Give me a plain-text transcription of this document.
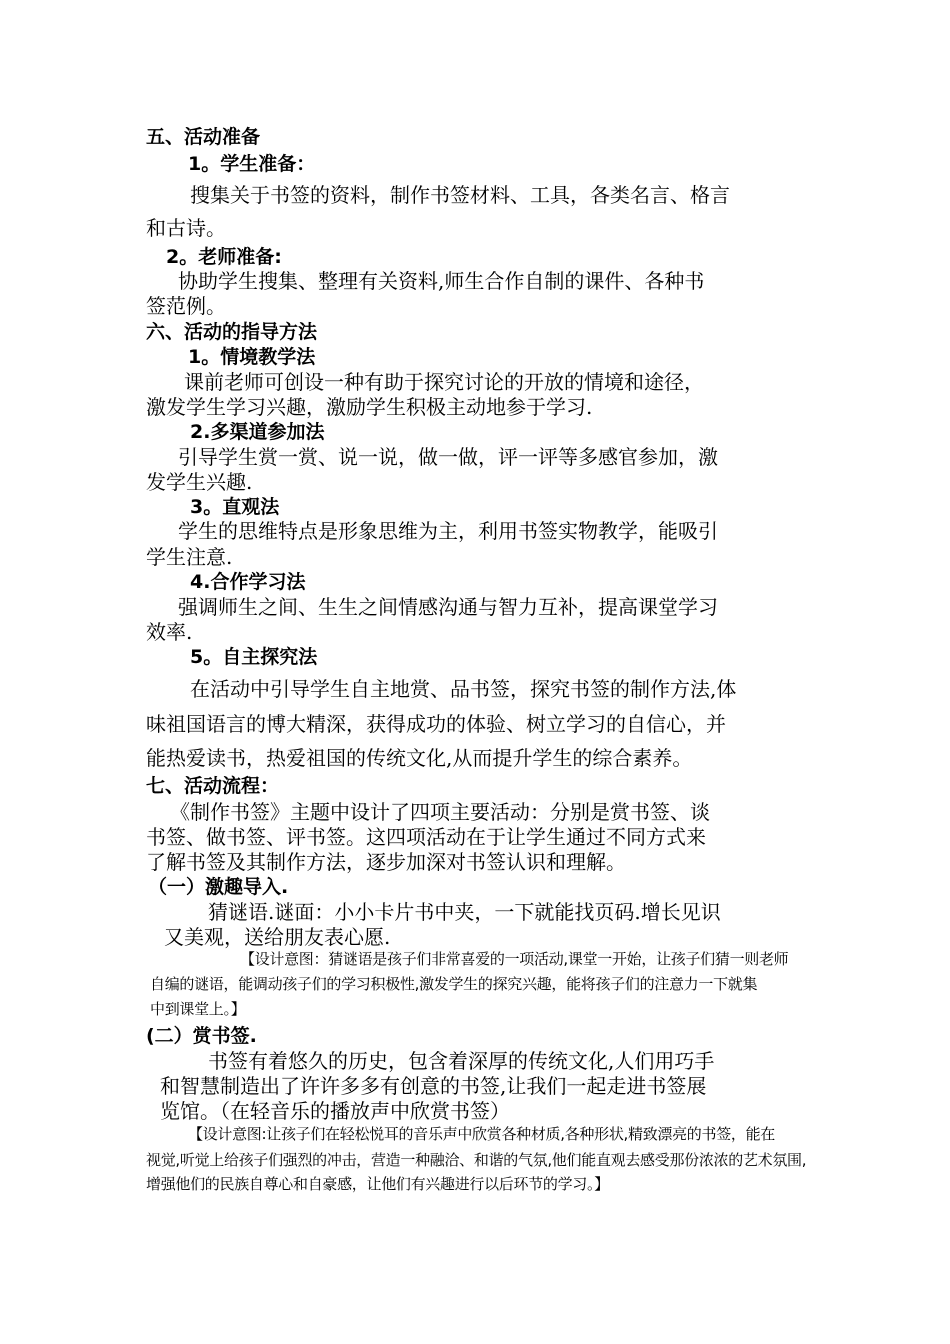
五、活动准备
1。学生准备：
搜集关于书签的资料，制作书签材料、工具，各类名言、格言
和古诗。
2。老师准备:
协助学生搜集、整理有关资料,师生合作自制的课件、各种书
签范例。
六、活动的指导方法
1。情境教学法
课前老师可创设一种有助于探究讨论的开放的情境和途径，
激发学生学习兴趣，激励学生积极主动地参于学习.
2.多渠道参加法
引导学生赏一赏、说一说，做一做，评一评等多感官参加，激
发学生兴趣.
3。直观法
学生的思维特点是形象思维为主，利用书签实物教学，能吸引
学生注意.
4.合作学习法
强调师生之间、生生之间情感沟通与智力互补，提高课堂学习
效率.
5。自主探究法
在活动中引导学生自主地赏、品书签，探究书签的制作方法,体
味祖国语言的博大精深，获得成功的体验、树立学习的自信心，并
能热爱读书，热爱祖国的传统文化,从而提升学生的综合素养。
七、活动流程：
《制作书签》主题中设计了四项主要活动：分别是赏书签、谈
书签、做书签、评书签。这四项活动在于让学生通过不同方式来
了解书签及其制作方法，逐步加深对书签认识和理解。
（一）激趣导入.
猜谜语.谜面：小小卡片书中夹，一下就能找页码.增长见识
又美观，送给朋友表心愿.
【设计意图：猜谜语是孩子们非常喜爱的一项活动,课堂一开始，让孩子们猜一则老师
自编的谜语，能调动孩子们的学习积极性,激发学生的探究兴趣，能将孩子们的注意力一下就集
中到课堂上。】
(二）赏书签.
书签有着悠久的历史，包含着深厚的传统文化,人们用巧手
和智慧制造出了许许多多有创意的书签,让我们一起走进书签展
览馆。（在轻音乐的播放声中欣赏书签）
【设计意图:让孩子们在轻松悦耳的音乐声中欣赏各种材质,各种形状,精致漂亮的书签，能在
视觉,听觉上给孩子们强烈的冲击，营造一种融洽、和谐的气氛,他们能直观去感受那份浓浓的艺术氛围,
增强他们的民族自尊心和自豪感，让他们有兴趣进行以后环节的学习。】
